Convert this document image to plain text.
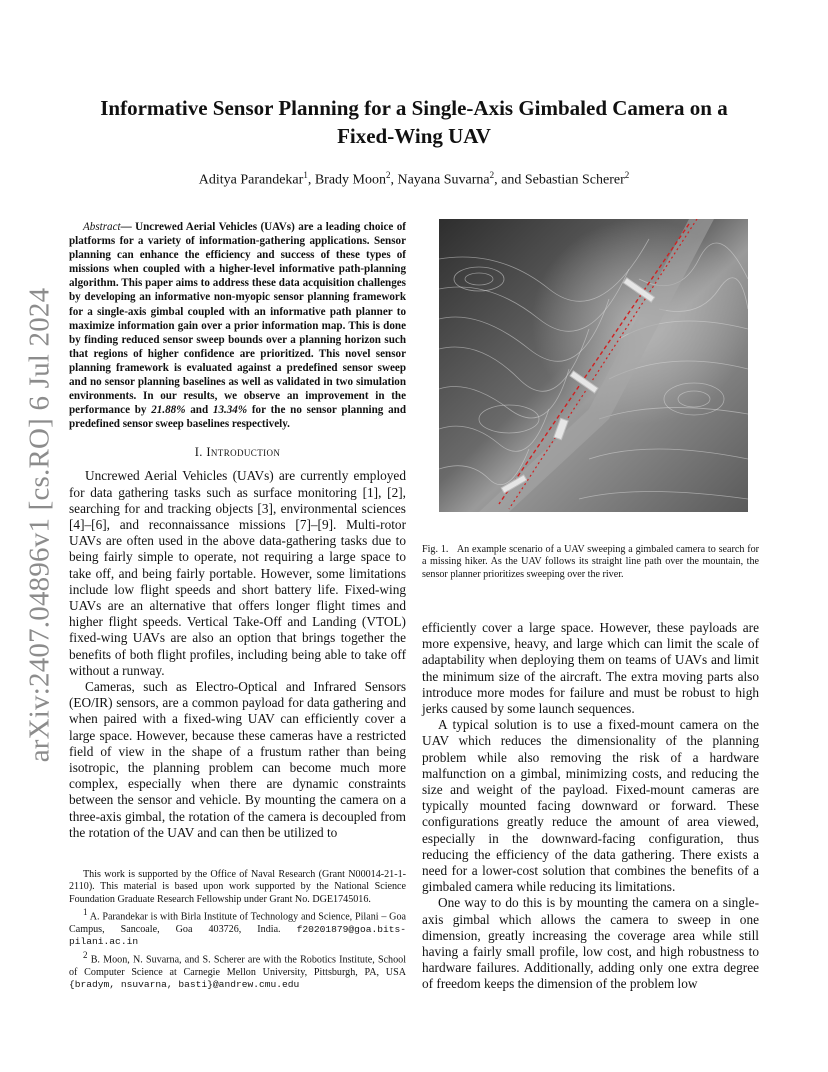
arXiv:2407.04896v1 [cs.RO] 6 Jul 2024
Informative Sensor Planning for a Single-Axis Gimbaled Camera on a Fixed-Wing UAV
Aditya Parandekar$^1$, Brady Moon$^2$, Nayana Suvarna$^2$, and Sebastian Scherer$^2$

Abstract— Uncrewed Aerial Vehicles (UAVs) are a leading choice of platforms for a variety of information-gathering applications. Sensor planning can enhance the efficiency and success of these types of missions when coupled with a higher-level informative path-planning algorithm. This paper aims to address these data acquisition challenges by developing an informative non-myopic sensor planning framework for a single-axis gimbal coupled with an informative path planner to maximize information gain over a prior information map. This is done by finding reduced sensor sweep bounds over a planning horizon such that regions of higher confidence are prioritized. This novel sensor planning framework is evaluated against a predefined sensor sweep and no sensor planning baselines as well as validated in two simulation environments. In our results, we observe an improvement in the performance by 21.88% and 13.34% for the no sensor planning and predefined sensor sweep baselines respectively.

I. Introduction

Uncrewed Aerial Vehicles (UAVs) are currently employed for data gathering tasks such as surface monitoring [1], [2], searching for and tracking objects [3], environmental sciences [4]–[6], and reconnaissance missions [7]–[9]. Multi-rotor UAVs are often used in the above data-gathering tasks due to being fairly simple to operate, not requiring a large space to take off, and being fairly portable. However, some limitations include low flight speeds and short battery life. Fixed-wing UAVs are an alternative that offers longer flight times and higher flight speeds. Vertical Take-Off and Landing (VTOL) fixed-wing UAVs are also an option that brings together the benefits of both flight profiles, including being able to take off without a runway.

Cameras, such as Electro-Optical and Infrared Sensors (EO/IR) sensors, are a common payload for data gathering and when paired with a fixed-wing UAV can efficiently cover a large space. However, because these cameras have a restricted field of view in the shape of a frustum rather than being isotropic, the planning problem can become much more complex, especially when there are dynamic constraints between the sensor and vehicle. By mounting the camera on a three-axis gimbal, the rotation of the camera is decoupled from the rotation of the UAV and can then be utilized to

This work is supported by the Office of Naval Research (Grant N00014-21-1-2110). This material is based upon work supported by the National Science Foundation Graduate Research Fellowship under Grant No. DGE1745016.

$^1$ A. Parandekar is with Birla Institute of Technology and Science, Pilani – Goa Campus, Sancoale, Goa 403726, India. f20201879@goa.bits-pilani.ac.in

$^2$ B. Moon, N. Suvarna, and S. Scherer are with the Robotics Institute, School of Computer Science at Carnegie Mellon University, Pittsburgh, PA, USA {bradym, nsuvarna, basti}@andrew.cmu.edu

Fig. 1. An example scenario of a UAV sweeping a gimbaled camera to search for a missing hiker. As the UAV follows its straight line path over the mountain, the sensor planner prioritizes sweeping over the river.

efficiently cover a large space. However, these payloads are more expensive, heavy, and large which can limit the scale of adaptability when deploying them on teams of UAVs and limit the minimum size of the aircraft. The extra moving parts also introduce more modes for failure and must be robust to high jerks caused by some launch sequences.

A typical solution is to use a fixed-mount camera on the UAV which reduces the dimensionality of the planning problem while also removing the risk of a hardware malfunction on a gimbal, minimizing costs, and reducing the size and weight of the payload. Fixed-mount cameras are typically mounted facing downward or forward. These configurations greatly reduce the amount of area viewed, especially in the downward-facing configuration, thus reducing the efficiency of the data gathering. There exists a need for a lower-cost solution that combines the benefits of a gimbaled camera while reducing its limitations.

One way to do this is by mounting the camera on a single-axis gimbal which allows the camera to sweep in one dimension, greatly increasing the coverage area while still having a fairly small profile, low cost, and high robustness to hardware failures. Additionally, adding only one extra degree of freedom keeps the dimension of the problem low
